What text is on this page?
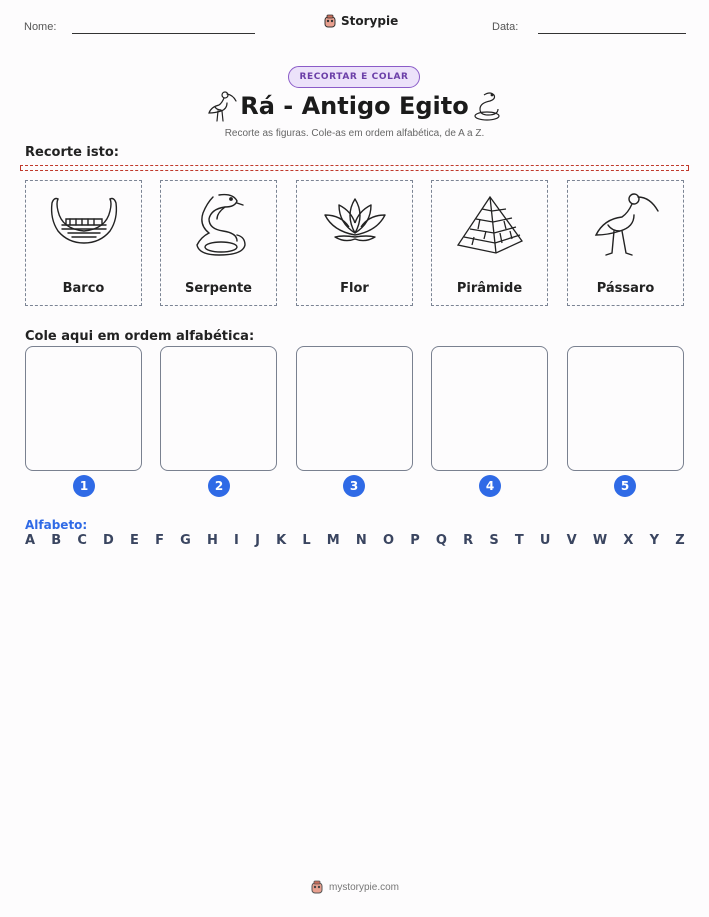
Nome:	Storypie	Data:
RECORTAR E COLAR
Rá - Antigo Egito
Recorte as figuras. Cole-as em ordem alfabética, de A a Z.
Recorte isto:
Barco	Serpente	Flor	Pirâmide	Pássaro
Cole aqui em ordem alfabética:
1	2	3	4	5
Alfabeto:
A B C D E F G H I J K L M N O P Q R S T U V W X Y Z
mystorypie.com
